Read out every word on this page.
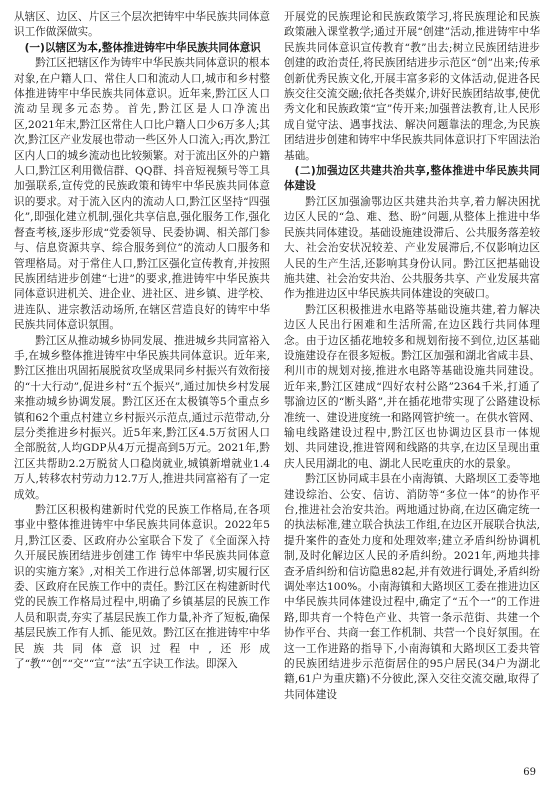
从辖区、边区、片区三个层次把铸牢中华民族共同体意识工作做深做实。

(一)以辖区为本,整体推进铸牢中华民族共同体意识

黔江区把辖区作为铸牢中华民族共同体意识的根本对象,在户籍人口、常住人口和流动人口,城市和乡村整体推进铸牢中华民族共同体意识。近年来,黔江区人口流动呈现多元态势。首先,黔江区是人口净流出区,2021年末,黔江区常住人口比户籍人口少6万多人;其次,黔江区产业发展也带动一些区外人口流入;再次,黔江区内人口的城乡流动也比较频繁。对于流出区外的户籍人口,黔江区利用微信群、QQ群、抖音短视频号等工具加强联系,宣传党的民族政策和铸牢中华民族共同体意识的要求。对于流入区内的流动人口,黔江区坚持“四强化”,即强化建立机制,强化共享信息,强化服务工作,强化督查考核,逐步形成“党委领导、民委协调、相关部门参与、信息资源共享、综合服务到位”的流动人口服务和管理格局。对于常住人口,黔江区强化宣传教育,并按照民族团结进步创建“七进”的要求,推进铸牢中华民族共同体意识进机关、进企业、进社区、进乡镇、进学校、进连队、进宗教活动场所,在辖区营造良好的铸牢中华民族共同体意识氛围。

黔江区从推动城乡协同发展、推进城乡共同富裕入手,在城乡整体推进铸牢中华民族共同体意识。近年来,黔江区推出巩固拓展脱贫攻坚成果同乡村振兴有效衔接的“十大行动”,促进乡村“五个振兴”,通过加快乡村发展来推动城乡协调发展。黔江区还在太极镇等5个重点乡镇和62个重点村建立乡村振兴示范点,通过示范带动,分层分类推进乡村振兴。近5年来,黔江区4.5万贫困人口全部脱贫,人均GDP从4万元提高到5万元。2021年,黔江区共帮助2.2万脱贫人口稳岗就业,城镇新增就业1.4万人,转移农村劳动力12.7万人,推进共同富裕有了一定成效。

黔江区积极构建新时代党的民族工作格局,在各项事业中整体推进铸牢中华民族共同体意识。2022年5月,黔江区委、区政府办公室联合下发了《全面深入持久开展民族团结进步创建工作 铸牢中华民族共同体意识的实施方案》,对相关工作进行总体部署,切实履行区委、区政府在民族工作中的责任。黔江区在构建新时代党的民族工作格局过程中,明确了乡镇基层的民族工作人员和职责,夯实了基层民族工作力量,补齐了短板,确保基层民族工作有人抓、能见效。黔江区在推进铸牢中华民族共同体意识过程中,还形成了“教”“创”“交”“宣”“法”五字诀工作法。即深入

开展党的民族理论和民族政策学习,将民族理论和民族政策融入课堂教学;通过开展“创建”活动,推进铸牢中华民族共同体意识宣传教育“教”出去;树立民族团结进步创建的政治责任,将民族团结进步示范区“创”出来;传承创新优秀民族文化,开展丰富多彩的文体活动,促进各民族交往交流交融;依托各类媒介,讲好民族团结故事,使优秀文化和民族政策“宣”传开来;加强普法教育,让人民形成自觉守法、遇事找法、解决问题靠法的理念,为民族团结进步创建和铸牢中华民族共同体意识打下牢固法治基础。

(二)加强边区共建共治共享,整体推进中华民族共同体建设

黔江区加强渝鄂边区共建共治共享,着力解决困扰边区人民的“急、难、愁、盼”问题,从整体上推进中华民族共同体建设。基础设施建设滞后、公共服务落差较大、社会治安状况较差、产业发展滞后,不仅影响边区人民的生产生活,还影响其身份认同。黔江区把基础设施共建、社会治安共治、公共服务共享、产业发展共富作为推进边区中华民族共同体建设的突破口。

黔江区积极推进水电路等基础设施共建,着力解决边区人民出行困难和生活所需,在边区践行共同体理念。由于边区插花地较多和规划衔接不到位,边区基础设施建设存在很多短板。黔江区加强和湖北省咸丰县、利川市的规划对接,推进水电路等基础设施共同建设。近年来,黔江区建成“四好农村公路”2364千米,打通了鄂渝边区的“断头路”,并在插花地带实现了公路建设标准统一、建设进度统一和路网管护统一。在供水管网、输电线路建设过程中,黔江区也协调边区县市一体规划、共同建设,推进管网和线路的共享,在边区呈现出重庆人民用湖北的电、湖北人民吃重庆的水的景象。

黔江区协同咸丰县在小南海镇、大路坝区工委等地建设综治、公安、信访、消防等“多位一体”的协作平台,推进社会治安共治。两地通过协商,在边区确定统一的执法标准,建立联合执法工作组,在边区开展联合执法,提升案件的查处力度和处理效率;建立矛盾纠纷协调机制,及时化解边区人民的矛盾纠纷。2021年,两地共排查矛盾纠纷和信访隐患82起,并有效进行调处,矛盾纠纷调处率达100%。小南海镇和大路坝区工委在推进边区中华民族共同体建设过程中,确定了“五个一”的工作进路,即共育一个特色产业、共管一条示范街、共建一个协作平台、共商一套工作机制、共营一个良好氛围。在这一工作进路的指导下,小南海镇和大路坝区工委共管的民族团结进步示范街居住的95户居民(34户为湖北籍,61户为重庆籍)不分彼此,深入交往交流交融,取得了共同体建设

69
